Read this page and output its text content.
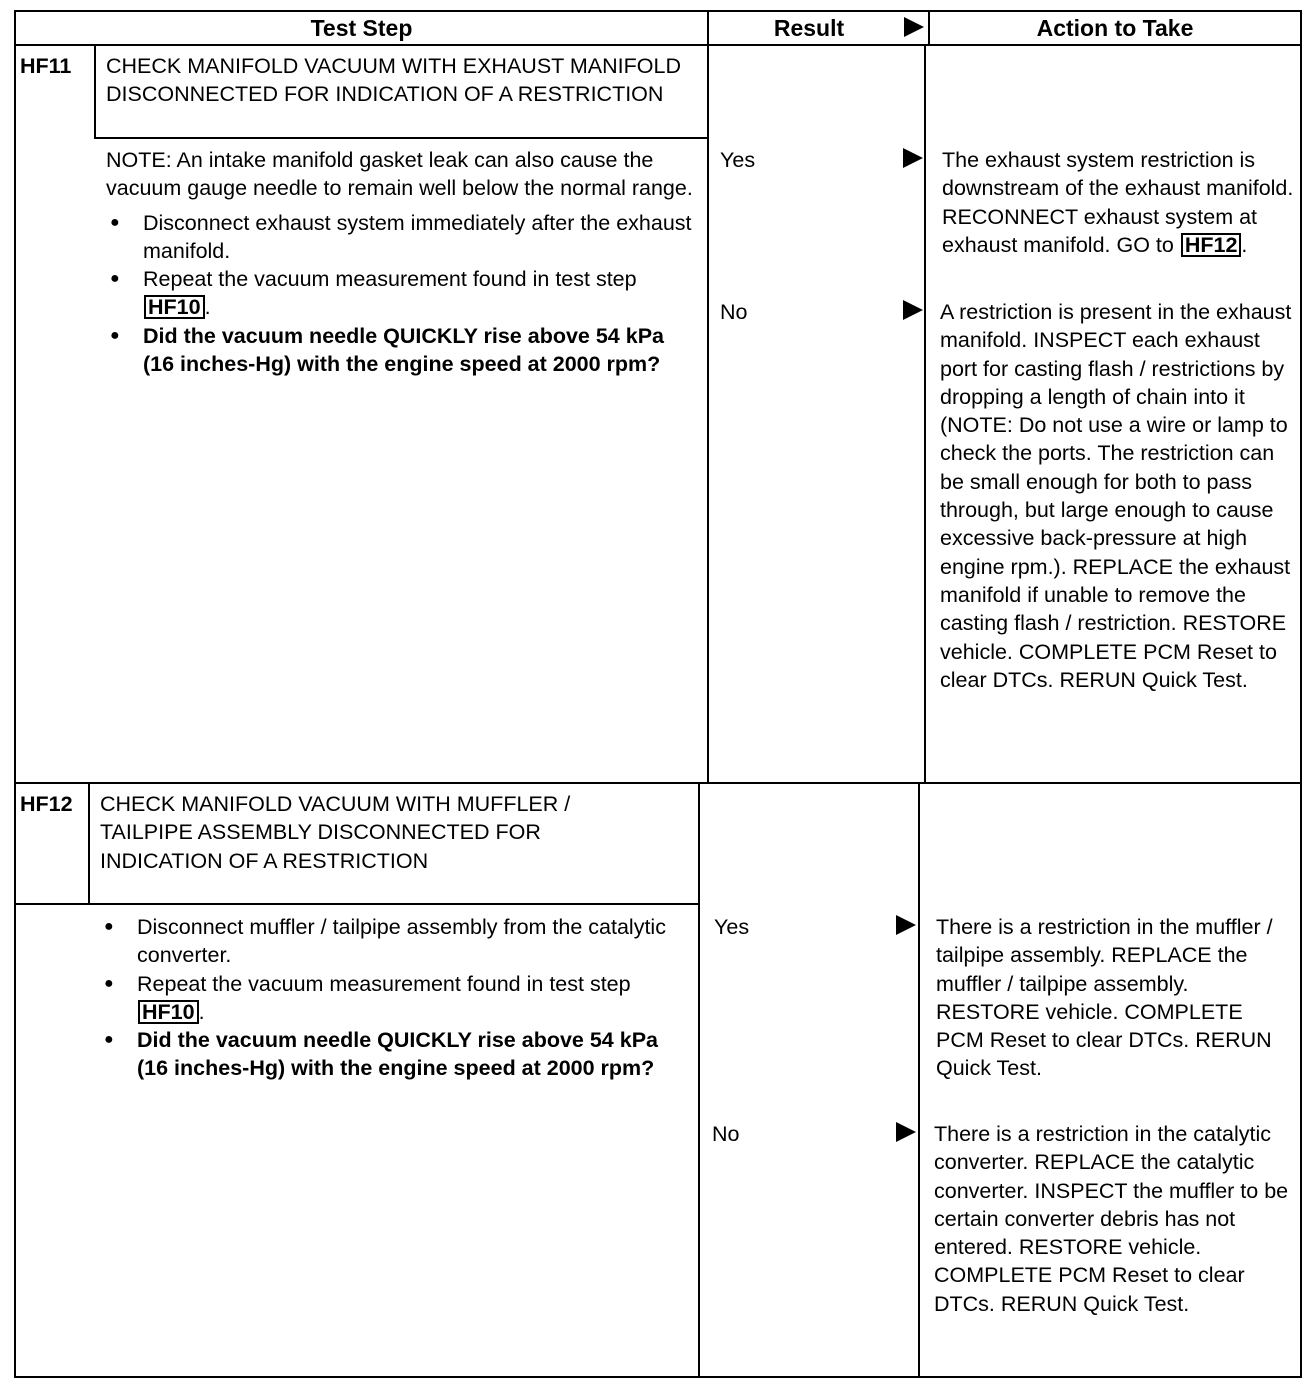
Test Step	Result	Action to Take
HF11 CHECK MANIFOLD VACUUM WITH EXHAUST MANIFOLD DISCONNECTED FOR INDICATION OF A RESTRICTION
NOTE: An intake manifold gasket leak can also cause the vacuum gauge needle to remain well below the normal range.
● Disconnect exhaust system immediately after the exhaust manifold.
● Repeat the vacuum measurement found in test step HF10 .
● Did the vacuum needle QUICKLY rise above 54 kPa (16 inches-Hg) with the engine speed at 2000 rpm?
Yes	The exhaust system restriction is downstream of the exhaust manifold. RECONNECT exhaust system at exhaust manifold. GO to HF12 .
No	A restriction is present in the exhaust manifold. INSPECT each exhaust port for casting flash / restrictions by dropping a length of chain into it (NOTE: Do not use a wire or lamp to check the ports. The restriction can be small enough for both to pass through, but large enough to cause excessive back-pressure at high engine rpm.). REPLACE the exhaust manifold if unable to remove the casting flash / restriction. RESTORE vehicle. COMPLETE PCM Reset to clear DTCs. RERUN Quick Test.
HF12 CHECK MANIFOLD VACUUM WITH MUFFLER / TAILPIPE ASSEMBLY DISCONNECTED FOR INDICATION OF A RESTRICTION
● Disconnect muffler / tailpipe assembly from the catalytic converter.
● Repeat the vacuum measurement found in test step HF10 .
● Did the vacuum needle QUICKLY rise above 54 kPa (16 inches-Hg) with the engine speed at 2000 rpm?
Yes	There is a restriction in the muffler / tailpipe assembly. REPLACE the muffler / tailpipe assembly. RESTORE vehicle. COMPLETE PCM Reset to clear DTCs. RERUN Quick Test.
No	There is a restriction in the catalytic converter. REPLACE the catalytic converter. INSPECT the muffler to be certain converter debris has not entered. RESTORE vehicle. COMPLETE PCM Reset to clear DTCs. RERUN Quick Test.
